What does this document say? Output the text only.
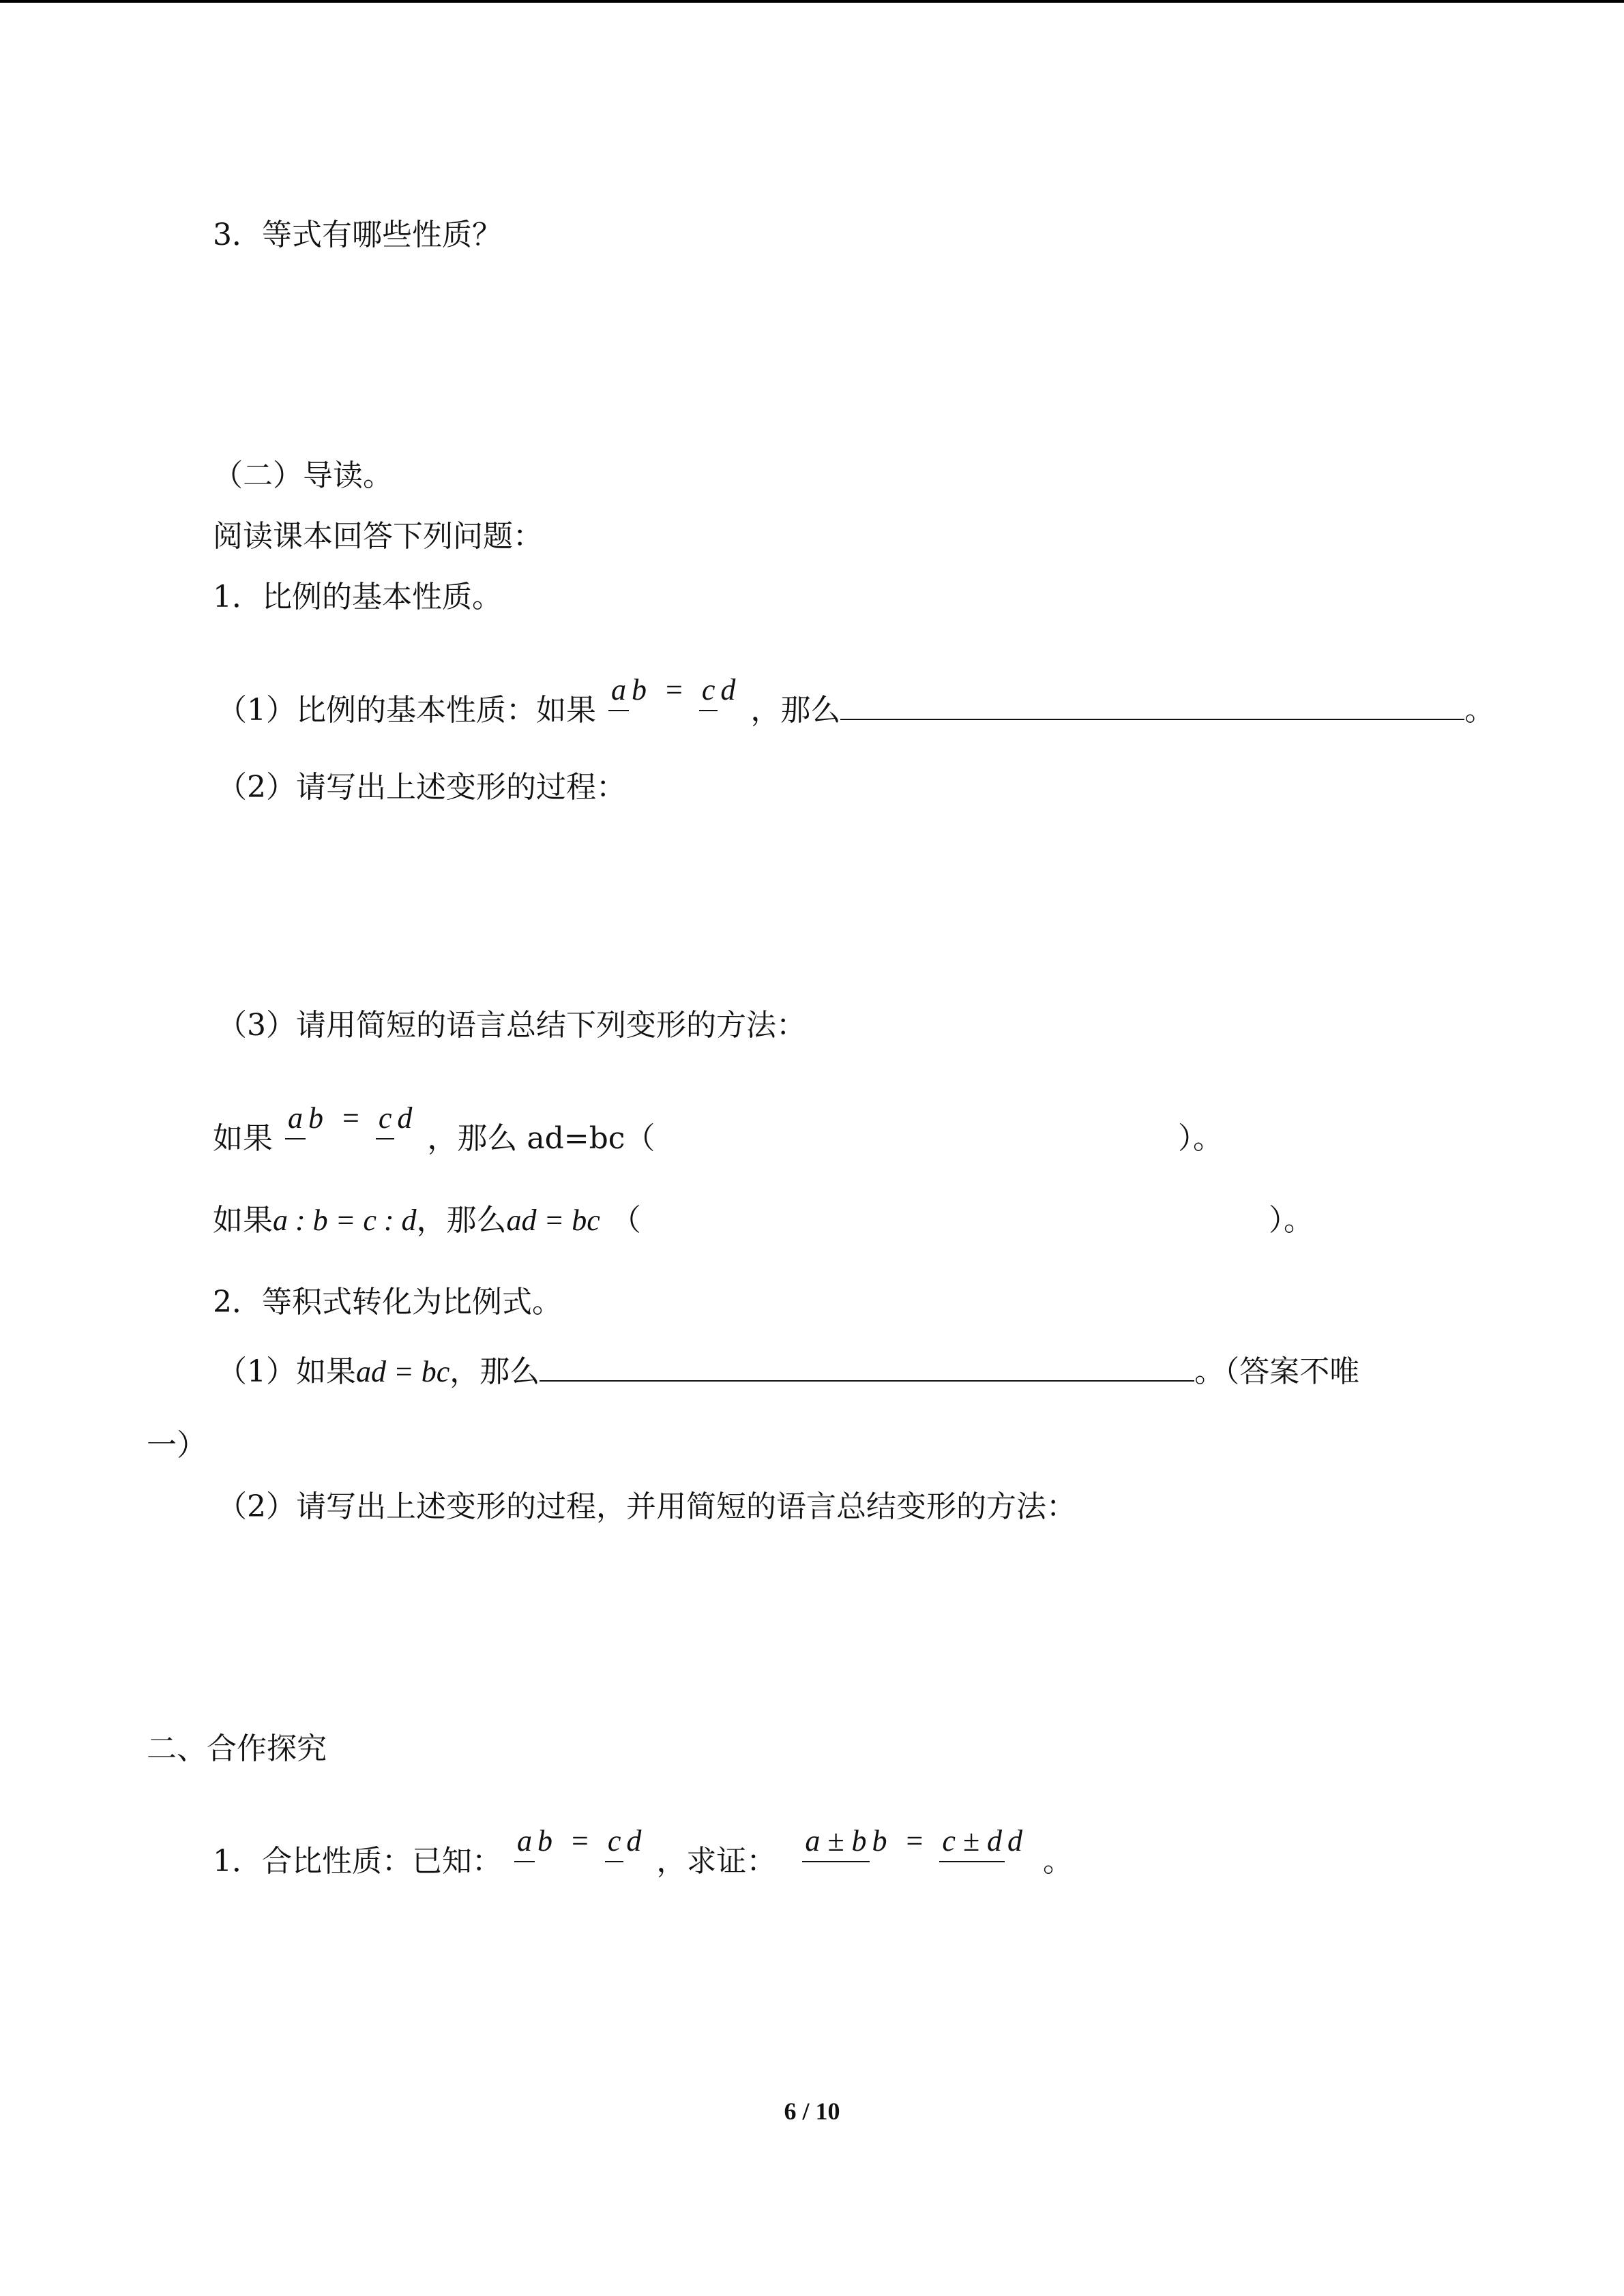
3．等式有哪些性质？
（二）导读。
阅读课本回答下列问题：
1．比例的基本性质。
（1）比例的基本性质：如果 a b = c d ，那么	。
（2）请写出上述变形的过程：
（3）请用简短的语言总结下列变形的方法：
如果 a b = c d ，那么 ad=bc（	）。
如果a : b = c : d，那么ad = bc （	）。
2．等积式转化为比例式。
（1）如果ad = bc，那么	。（答案不唯
一）
（2）请写出上述变形的过程，并用简短的语言总结变形的方法：
二、合作探究
1．合比性质：已知： a b = c d ，求证： a ± b b = c ± d d 。
6 / 10
